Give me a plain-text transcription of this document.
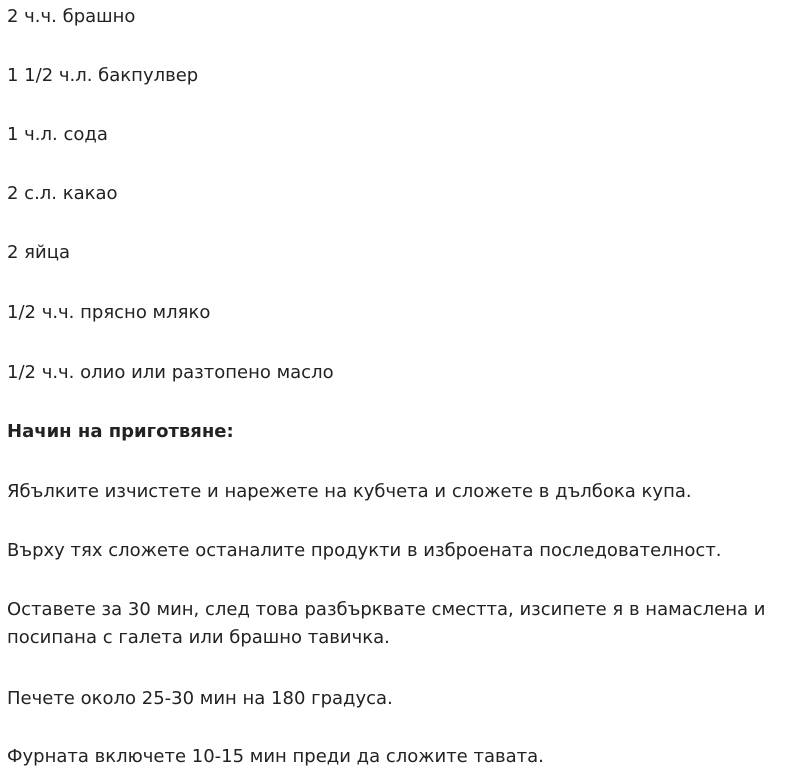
2 ч.ч. брашно
1 1/2 ч.л. бакпулвер
1 ч.л. сода
2 с.л. какао
2 яйца
1/2 ч.ч. прясно мляко
1/2 ч.ч. олио или разтопено масло
Начин на приготвяне:
Ябълките изчистете и нарежете на кубчета и сложете в дълбока купа.
Върху тях сложете останалите продукти в изброената последователност.
Оставете за 30 мин, след това разбърквате сместта, изсипете я в намаслена и посипана с галета или брашно тавичка.
Печете около 25-30 мин на 180 градуса.
Фурната включете 10-15 мин преди да сложите тавата.
